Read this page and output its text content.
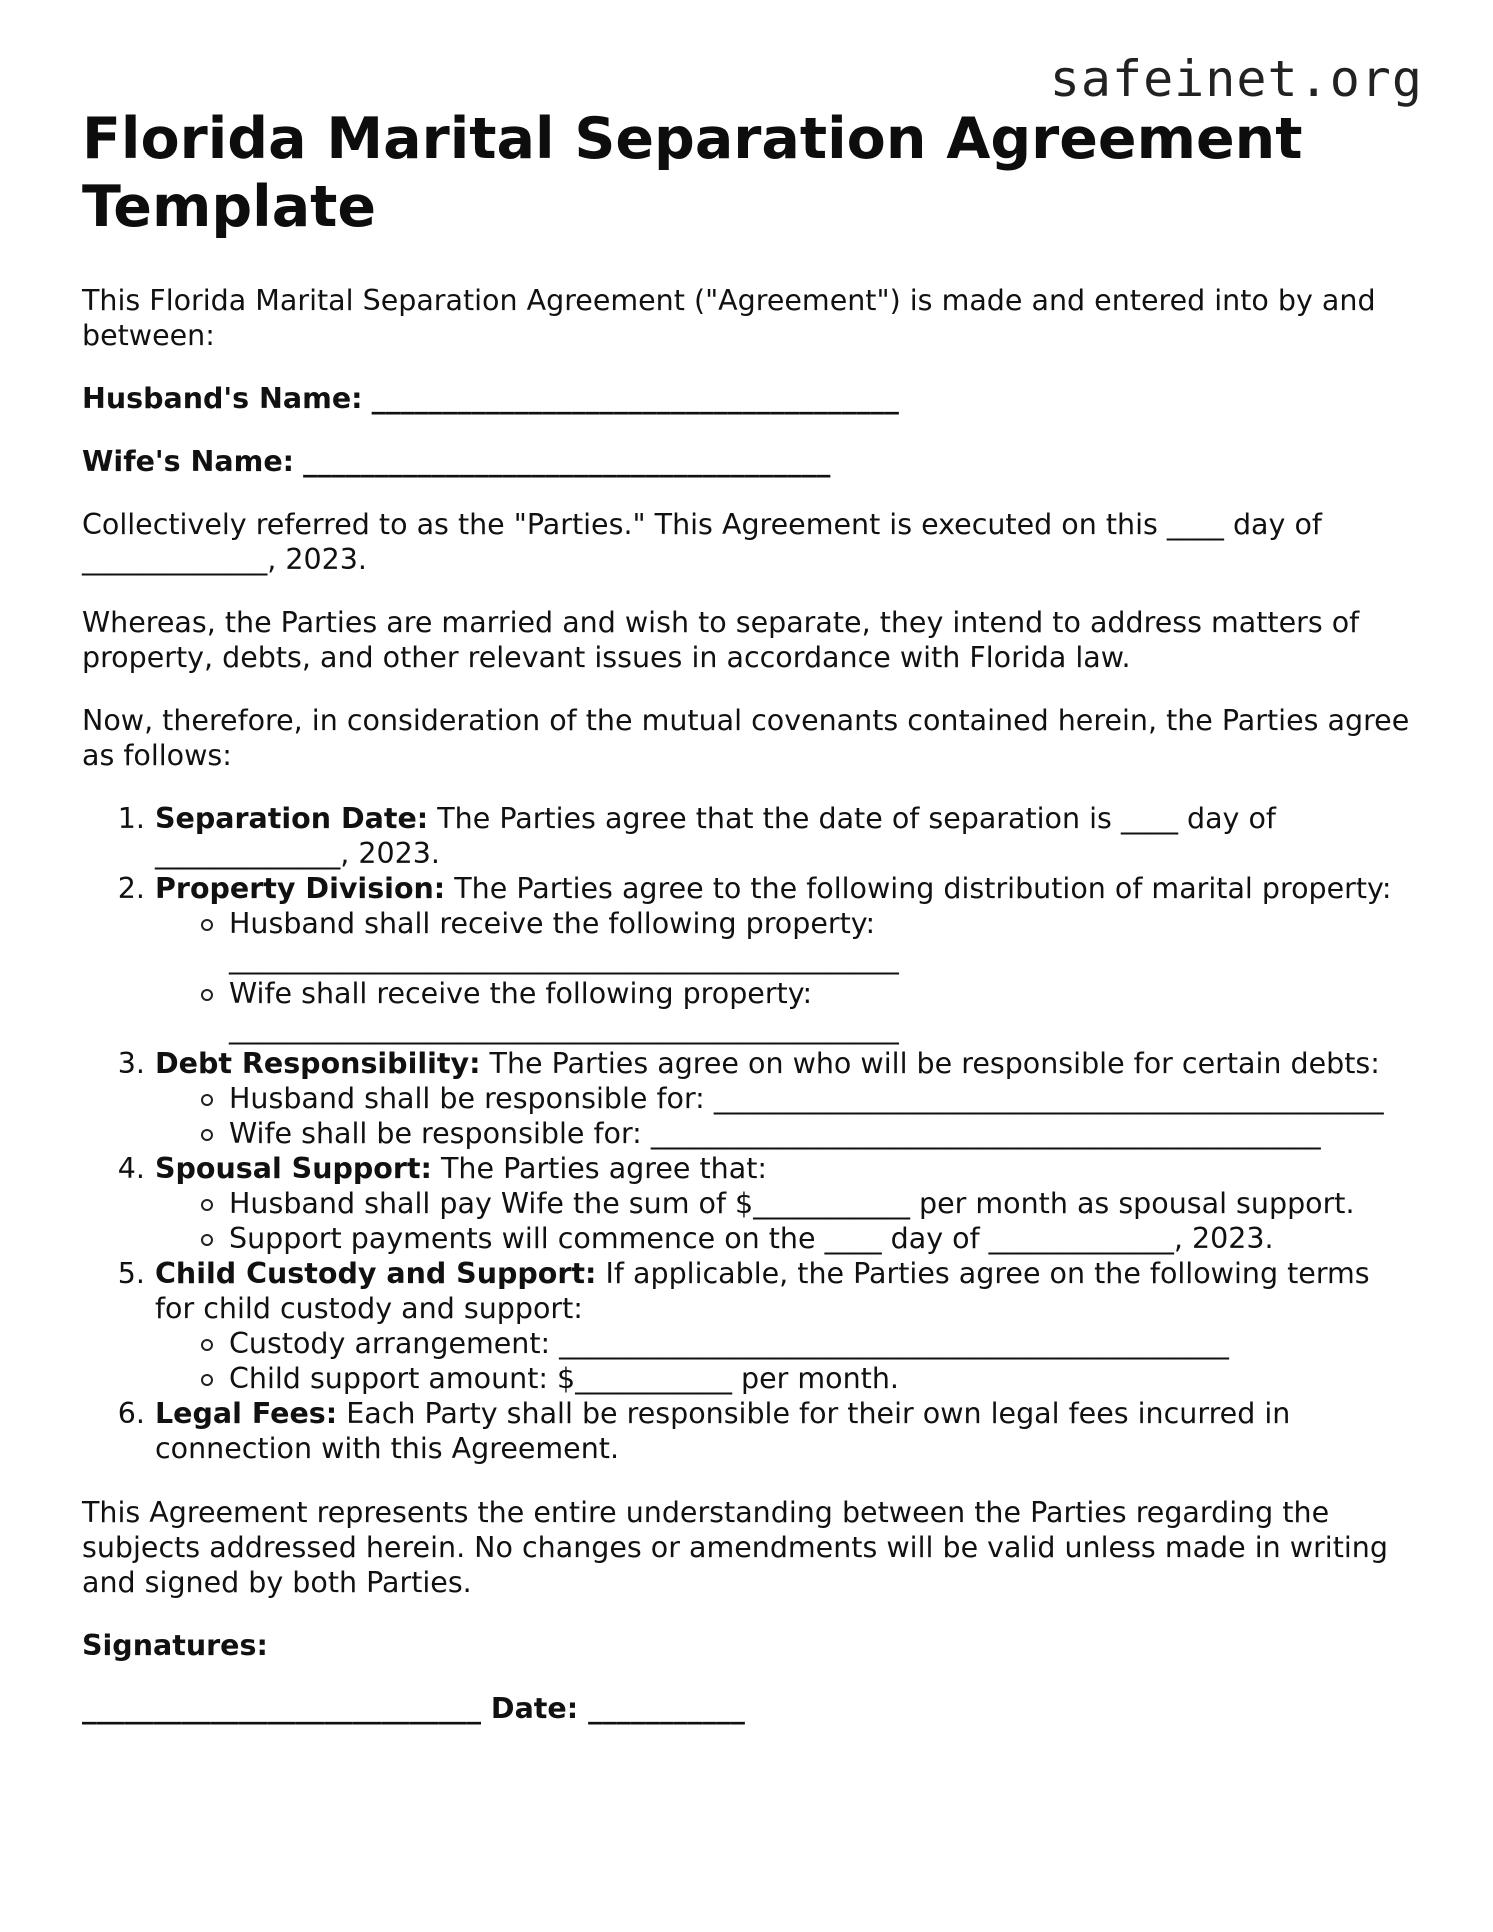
safeinet.org
Florida Marital Separation Agreement Template

This Florida Marital Separation Agreement ("Agreement") is made and entered into by and between:

Husband's Name: _____________________________________

Wife's Name: _____________________________________

Collectively referred to as the "Parties." This Agreement is executed on this ____ day of _____________, 2023.

Whereas, the Parties are married and wish to separate, they intend to address matters of property, debts, and other relevant issues in accordance with Florida law.

Now, therefore, in consideration of the mutual covenants contained herein, the Parties agree as follows:

1. Separation Date: The Parties agree that the date of separation is ____ day of _____________, 2023.
2. Property Division: The Parties agree to the following distribution of marital property:
Husband shall receive the following property: _______________________________________________
Wife shall receive the following property: _______________________________________________
3. Debt Responsibility: The Parties agree on who will be responsible for certain debts:
Husband shall be responsible for: _______________________________________________
Wife shall be responsible for: _______________________________________________
4. Spousal Support: The Parties agree that:
Husband shall pay Wife the sum of $___________ per month as spousal support.
Support payments will commence on the ____ day of _____________, 2023.
5. Child Custody and Support: If applicable, the Parties agree on the following terms for child custody and support:
Custody arrangement: _______________________________________________
Child support amount: $___________ per month.
6. Legal Fees: Each Party shall be responsible for their own legal fees incurred in connection with this Agreement.

This Agreement represents the entire understanding between the Parties regarding the subjects addressed herein. No changes or amendments will be valid unless made in writing and signed by both Parties.

Signatures:

____________________________ Date: ___________
